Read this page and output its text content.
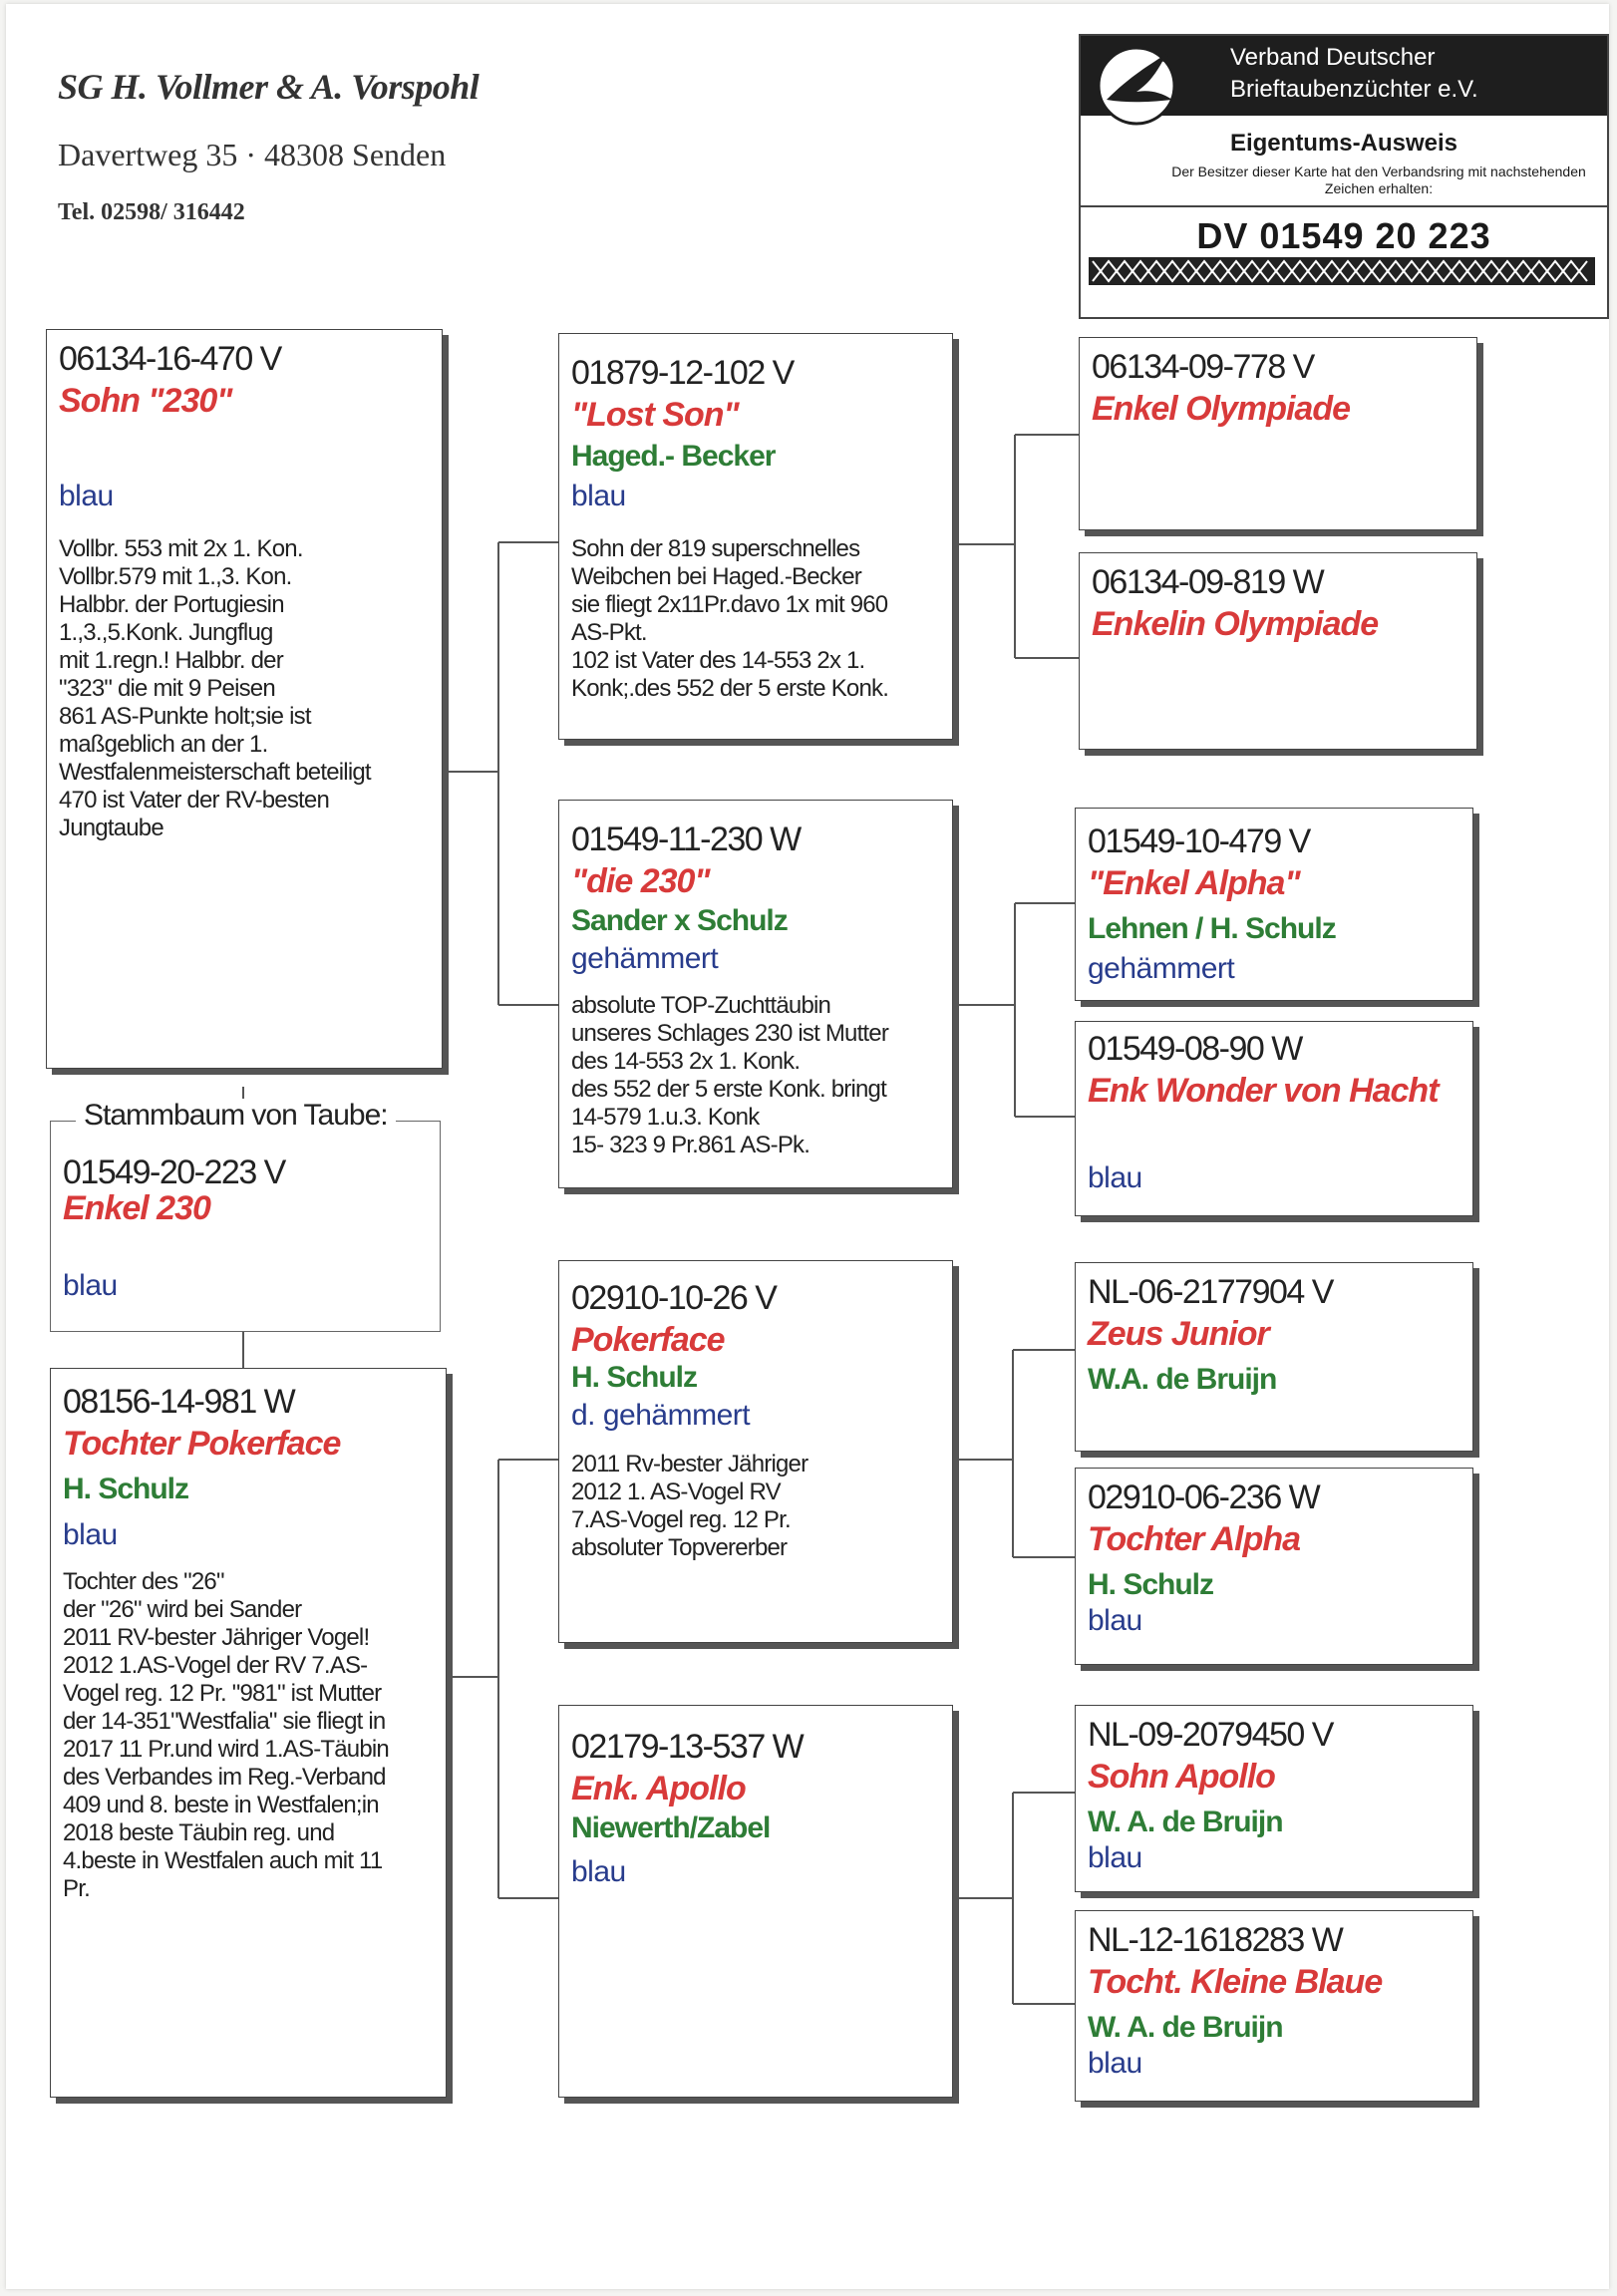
SG H. Vollmer & A. Vorspohl
Davertweg 35 · 48308 Senden
Tel. 02598/ 316442
Verband Deutscher
Brieftaubenzüchter e.V.
Eigentums-Ausweis
Der Besitzer dieser Karte hat den Verbandsring mit nachstehenden Zeichen erhalten:
DV 01549 20 223
06134-16-470 V
Sohn "230"
blau
Vollbr. 553 mit 2x 1. Kon.
Vollbr.579 mit 1.,3. Kon.
Halbbr. der Portugiesin
1.,3.,5.Konk. Jungflug
mit 1.regn.! Halbbr. der
"323" die mit 9 Peisen
861 AS-Punkte holt;sie ist
maßgeblich an der 1.
Westfalenmeisterschaft beteiligt
470 ist Vater der RV-besten
Jungtaube
01549-20-223 V
Enkel 230
blau
Stammbaum von Taube:
08156-14-981 W
Tochter Pokerface
H. Schulz
blau
Tochter des "26"
der "26" wird bei Sander
2011 RV-bester Jähriger Vogel!
2012 1.AS-Vogel der RV 7.AS-
Vogel reg. 12 Pr. "981" ist Mutter
der 14-351"Westfalia" sie fliegt in
2017 11 Pr.und wird 1.AS-Täubin
des Verbandes im Reg.-Verband
409 und 8. beste in Westfalen;in
2018 beste Täubin reg. und
4.beste in Westfalen auch mit 11
Pr.
01879-12-102 V
"Lost Son"
Haged.- Becker
blau
Sohn der 819 superschnelles
Weibchen bei Haged.-Becker
sie fliegt 2x11Pr.davo 1x mit 960
AS-Pkt.
102 ist Vater des 14-553 2x 1.
Konk;.des 552 der 5 erste Konk.
01549-11-230 W
"die 230"
Sander x Schulz
gehämmert
absolute TOP-Zuchttäubin
unseres Schlages 230 ist Mutter
des 14-553 2x 1. Konk.
des 552 der 5 erste Konk. bringt
14-579 1.u.3. Konk
15- 323 9 Pr.861 AS-Pk.
02910-10-26 V
Pokerface
H. Schulz
d. gehämmert
2011 Rv-bester Jähriger
2012 1. AS-Vogel RV
7.AS-Vogel reg. 12 Pr.
absoluter Topvererber
02179-13-537 W
Enk. Apollo
Niewerth/Zabel
blau
06134-09-778 V
Enkel Olympiade
06134-09-819 W
Enkelin Olympiade
01549-10-479 V
"Enkel Alpha"
Lehnen / H. Schulz
gehämmert
01549-08-90 W
Enk Wonder von Hacht
blau
NL-06-2177904 V
Zeus Junior
W.A. de Bruijn
02910-06-236 W
Tochter Alpha
H. Schulz
blau
NL-09-2079450 V
Sohn Apollo
W. A. de Bruijn
blau
NL-12-1618283 W
Tocht. Kleine Blaue
W. A. de Bruijn
blau
